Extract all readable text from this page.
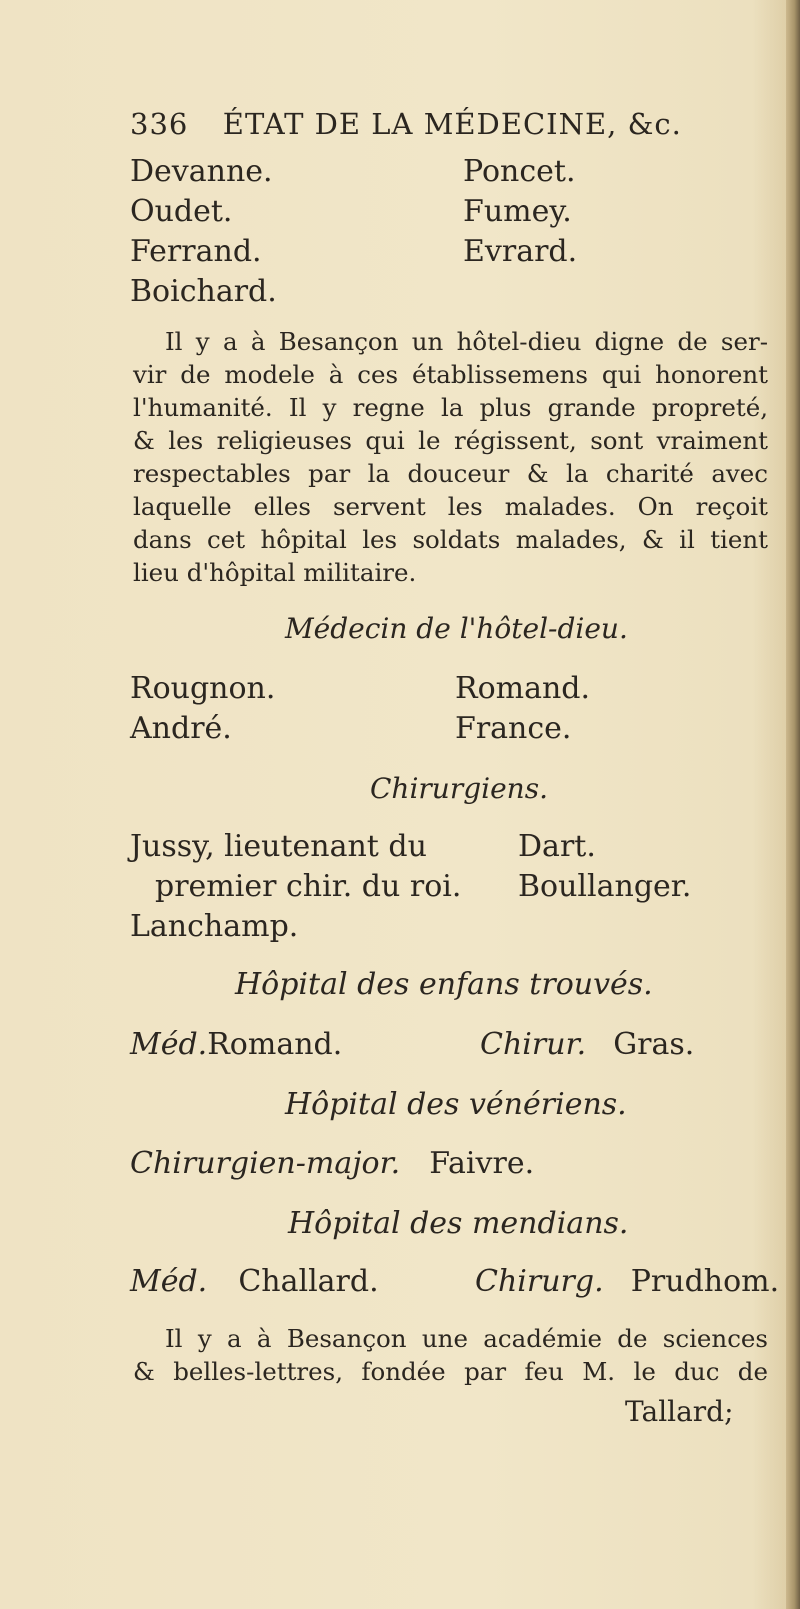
336 ÉTAT DE LA MÉDECINE, &c.
Devanne.
Oudet.
Ferrand.
Boichard.
Poncet.
Fumey.
Evrard.
Il y a à Besançon un hôtel-dieu digne de ser-
vir de modele à ces établissemens qui honorent
l'humanité. Il y regne la plus grande propreté,
& les religieuses qui le régissent, sont vraiment
respectables par la douceur & la charité avec
laquelle elles servent les malades. On reçoit
dans cet hôpital les soldats malades, & il tient
lieu d'hôpital militaire.
Médecin de l'hôtel-dieu.
Rougnon.
André.
Romand.
France.
Chirurgiens.
Jussy, lieutenant du
premier chir. du roi.
Lanchamp.
Dart.
Boullanger.
Hôpital des enfans trouvés.
Méd.Romand.	Chirur. Gras.
Hôpital des vénériens.
Chirurgien-major. Faivre.
Hôpital des mendians.
Méd. Challard.	Chirurg. Prudhom.
Il y a à Besançon une académie de sciences
& belles-lettres, fondée par feu M. le duc de
Tallard;
